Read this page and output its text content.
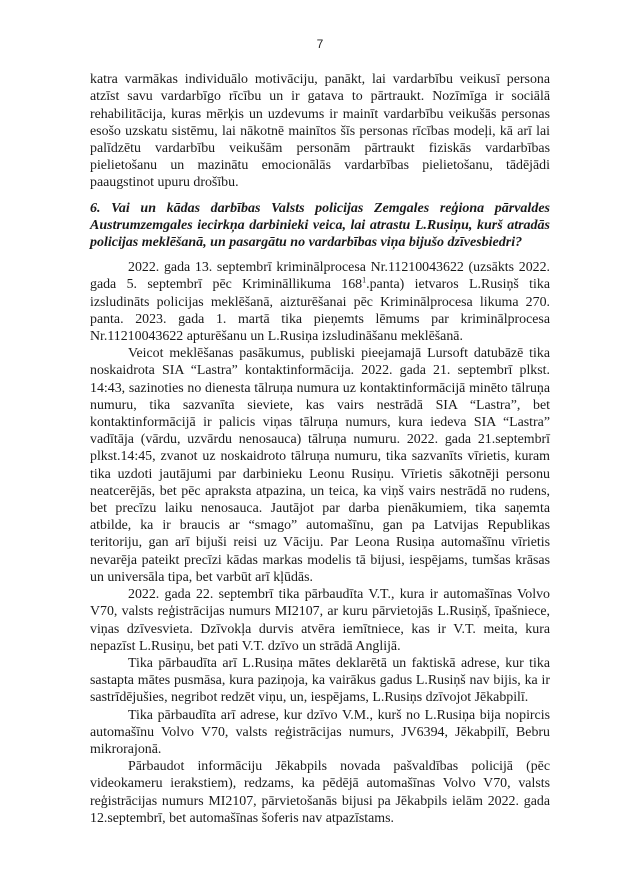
7

katra varmākas individuālo motivāciju, panākt, lai vardarbību veikusī persona atzīst savu vardarbīgo rīcību un ir gatava to pārtraukt. Nozīmīga ir sociālā rehabilitācija, kuras mērķis un uzdevums ir mainīt vardarbību veikušās personas esošo uzskatu sistēmu, lai nākotnē mainītos šīs personas rīcības modeļi, kā arī lai palīdzētu vardarbību veikušām personām pārtraukt fiziskās vardarbības pielietošanu un mazinātu emocionālās vardarbības pielietošanu, tādējādi paaugstinot upuru drošību.

6. Vai un kādas darbības Valsts policijas Zemgales reģiona pārvaldes Austrumzemgales iecirkņa darbinieki veica, lai atrastu L.Rusiņu, kurš atradās policijas meklēšanā, un pasargātu no vardarbības viņa bijušo dzīvesbiedri?

2022. gada 13. septembrī kriminālprocesa Nr.11210043622 (uzsākts 2022. gada 5. septembrī pēc Krimināllikuma $168^1.panta$) ietvaros L.Rusiņš tika izsludināts policijas meklēšanā, aizturēšanai pēc Kriminālprocesa likuma 270. panta. 2023. gada 1. martā tika pieņemts lēmums par kriminālprocesa Nr.11210043622 apturēšanu un L.Rusiņa izsludināšanu meklēšanā.

Veicot meklēšanas pasākumus, publiski pieejamajā Lursoft datubāzē tika noskaidrota SIA “Lastra” kontaktinformācija. 2022. gada 21. septembrī plkst. 14:43, sazinoties no dienesta tālruņa numura uz kontaktinformācijā minēto tālruņa numuru, tika sazvanīta sieviete, kas vairs nestrādā SIA “Lastra”, bet kontaktinformācijā ir palicis viņas tālruņa numurs, kura iedeva SIA “Lastra” vadītāja (vārdu, uzvārdu nenosauca) tālruņa numuru. 2022. gada 21.septembrī plkst.14:45, zvanot uz noskaidroto tālruņa numuru, tika sazvanīts vīrietis, kuram tika uzdoti jautājumi par darbinieku Leonu Rusiņu. Vīrietis sākotnēji personu neatcerējās, bet pēc apraksta atpazina, un teica, ka viņš vairs nestrādā no rudens, bet precīzu laiku nenosauca. Jautājot par darba pienākumiem, tika saņemta atbilde, ka ir braucis ar “smago” automašīnu, gan pa Latvijas Republikas teritoriju, gan arī bijuši reisi uz Vāciju. Par Leona Rusiņa automašīnu vīrietis nevarēja pateikt precīzi kādas markas modelis tā bijusi, iespējams, tumšas krāsas un universāla tipa, bet varbūt arī kļūdās.

2022. gada 22. septembrī tika pārbaudīta V.T., kura ir automašīnas Volvo V70, valsts reģistrācijas numurs MI2107, ar kuru pārvietojās L.Rusiņš, īpašniece, viņas dzīvesvieta. Dzīvokļa durvis atvēra iemītniece, kas ir V.T. meita, kura nepazīst L.Rusiņu, bet pati V.T. dzīvo un strādā Anglijā.

Tika pārbaudīta arī L.Rusiņa mātes deklarētā un faktiskā adrese, kur tika sastapta mātes pusmāsa, kura paziņoja, ka vairākus gadus L.Rusiņš nav bijis, ka ir sastrīdējušies, negribot redzēt viņu, un, iespējams, L.Rusiņs dzīvojot Jēkabpilī.

Tika pārbaudīta arī adrese, kur dzīvo V.M., kurš no L.Rusiņa bija nopircis automašīnu Volvo V70, valsts reģistrācijas numurs, JV6394, Jēkabpilī, Bebru mikrorajonā.

Pārbaudot informāciju Jēkabpils novada pašvaldības policijā (pēc videokameru ierakstiem), redzams, ka pēdējā automašīnas Volvo V70, valsts reģistrācijas numurs MI2107, pārvietošanās bijusi pa Jēkabpils ielām 2022. gada 12.septembrī, bet automašīnas šoferis nav atpazīstams.
